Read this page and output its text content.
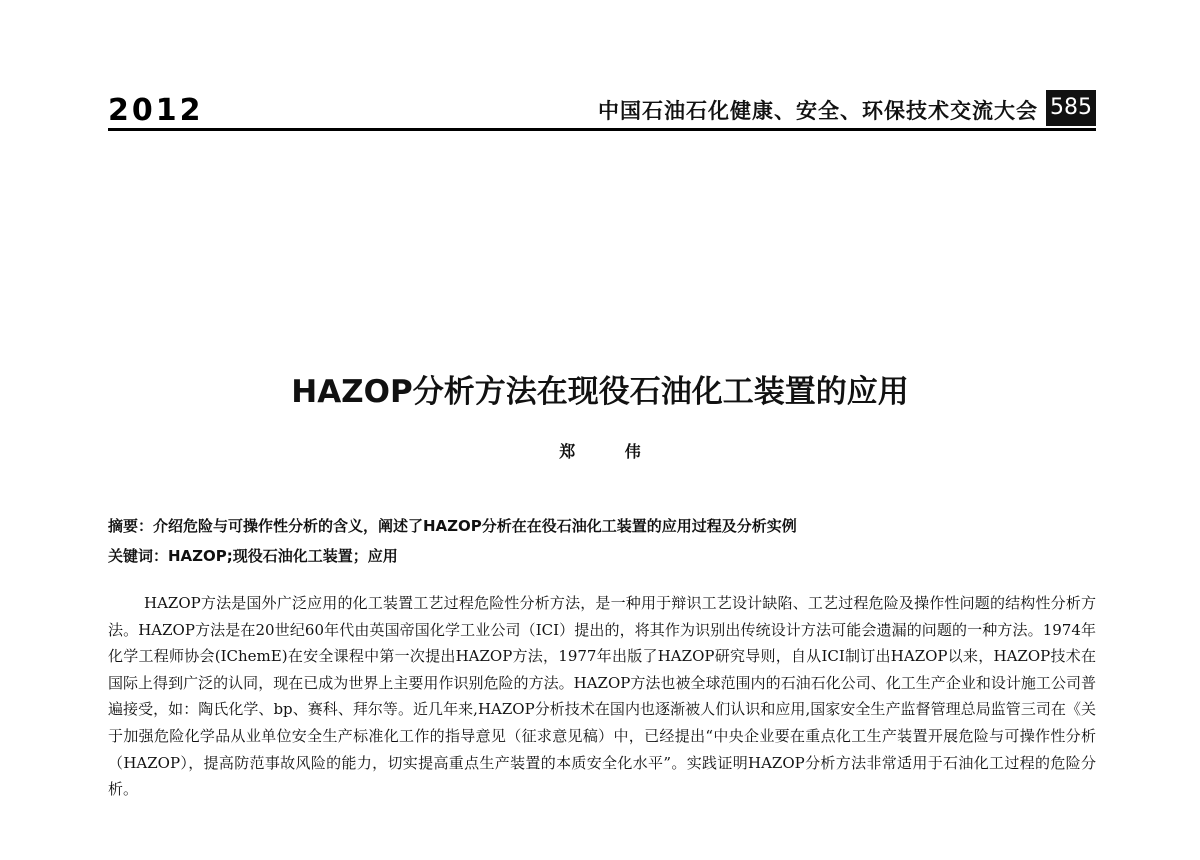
2012	中国石油石化健康、安全、环保技术交流大会 585
HAZOP分析方法在现役石油化工装置的应用
郑 伟
摘要：介绍危险与可操作性分析的含义，阐述了HAZOP分析在在役石油化工装置的应用过程及分析实例
关键词：HAZOP;现役石油化工装置；应用

HAZOP方法是国外广泛应用的化工装置工艺过程危险性分析方法，是一种用于辩识工艺设计缺陷、工艺过程危险及操作性问题的结构性分析方法。HAZOP方法是在20世纪60年代由英国帝国化学工业公司（ICI）提出的，将其作为识别出传统设计方法可能会遗漏的问题的一种方法。1974年化学工程师协会(IChemE)在安全课程中第一次提出HAZOP方法，1977年出版了HAZOP研究导则，自从ICI制订出HAZOP以来，HAZOP技术在国际上得到广泛的认同，现在已成为世界上主要用作识别危险的方法。HAZOP方法也被全球范围内的石油石化公司、化工生产企业和设计施工公司普遍接受，如：陶氏化学、bp、赛科、拜尔等。近几年来,HAZOP分析技术在国内也逐渐被人们认识和应用,国家安全生产监督管理总局监管三司在《关于加强危险化学品从业单位安全生产标准化工作的指导意见（征求意见稿）中，已经提出“中央企业要在重点化工生产装置开展危险与可操作性分析（HAZOP），提高防范事故风险的能力，切实提高重点生产装置的本质安全化水平”。实践证明HAZOP分析方法非常适用于石油化工过程的危险分析。
